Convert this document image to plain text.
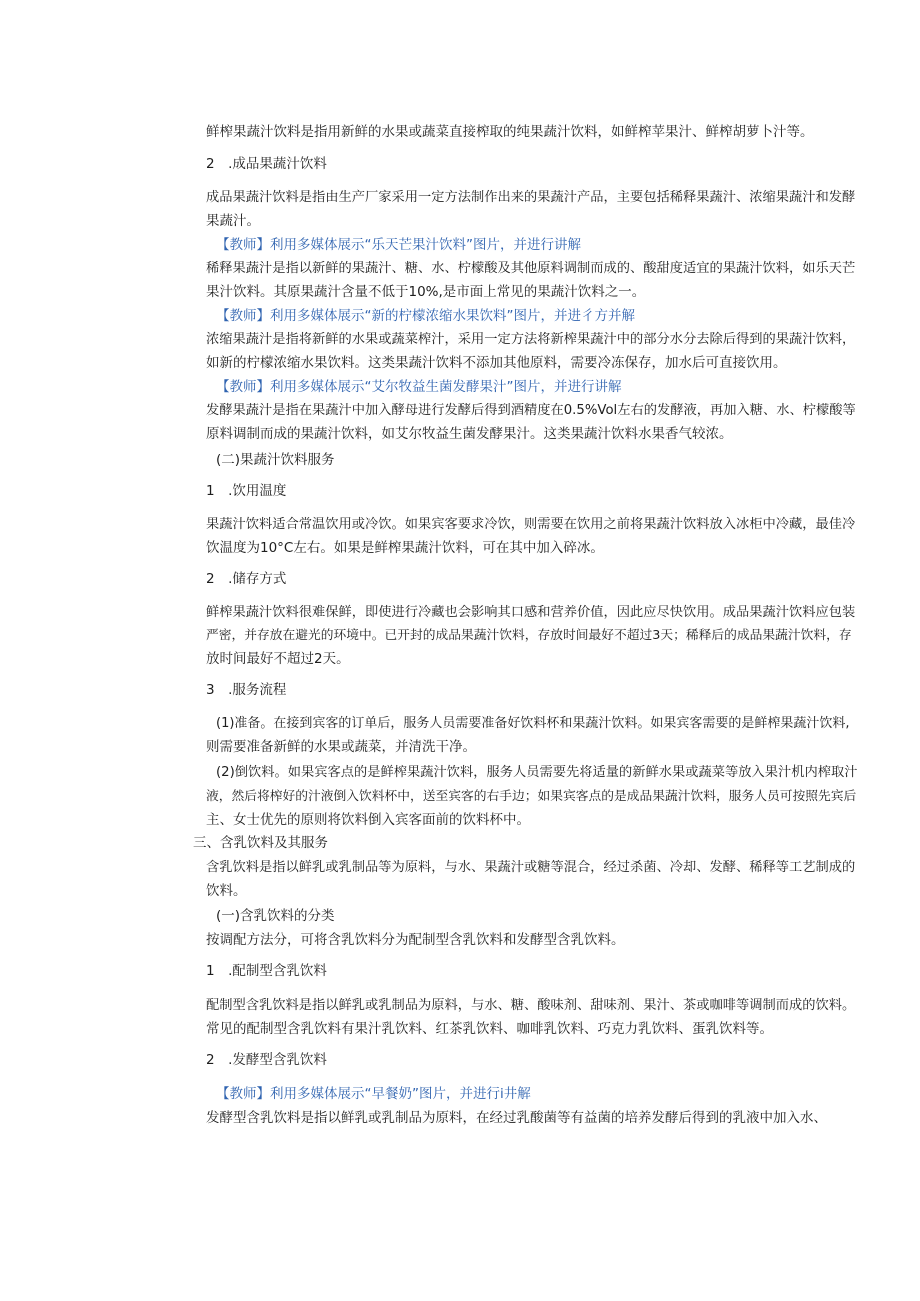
鲜榨果蔬汁饮料是指用新鲜的水果或蔬菜直接榨取的纯果蔬汁饮料，如鲜榨苹果汁、鲜榨胡萝卜汁等。
2　.成品果蔬汁饮料
成品果蔬汁饮料是指由生产厂家采用一定方法制作出来的果蔬汁产品，主要包括稀释果蔬汁、浓缩果蔬汁和发酵
果蔬汁。
【教师】利用多媒体展示“乐天芒果汁饮料”图片，并进行讲解
稀释果蔬汁是指以新鲜的果蔬汁、糖、水、柠檬酸及其他原料调制而成的、酸甜度适宜的果蔬汁饮料，如乐天芒
果汁饮料。其原果蔬汁含量不低于10%,是市面上常见的果蔬汁饮料之一。
【教师】利用多媒体展示“新的柠檬浓缩水果饮料”图片，并进彳方并解
浓缩果蔬汁是指将新鲜的水果或蔬菜榨汁，采用一定方法将新榨果蔬汁中的部分水分去除后得到的果蔬汁饮料，
如新的柠檬浓缩水果饮料。这类果蔬汁饮料不添加其他原料，需要冷冻保存，加水后可直接饮用。
【教师】利用多媒体展示“艾尔牧益生菌发酵果汁”图片，并进行讲解
发酵果蔬汁是指在果蔬汁中加入酵母进行发酵后得到酒精度在0.5%Vol左右的发酵液，再加入糖、水、柠檬酸等
原料调制而成的果蔬汁饮料，如艾尔牧益生菌发酵果汁。这类果蔬汁饮料水果香气较浓。
(二)果蔬汁饮料服务
1　.饮用温度
果蔬汁饮料适合常温饮用或冷饮。如果宾客要求冷饮，则需要在饮用之前将果蔬汁饮料放入冰柜中冷藏，最佳冷
饮温度为10°C左右。如果是鲜榨果蔬汁饮料，可在其中加入碎冰。
2　.储存方式
鲜榨果蔬汁饮料很难保鲜，即使进行冷藏也会影响其口感和营养价值，因此应尽快饮用。成品果蔬汁饮料应包装
严密，并存放在避光的环境中。已开封的成品果蔬汁饮料，存放时间最好不超过3天；稀释后的成品果蔬汁饮料，存
放时间最好不超过2天。
3　.服务流程
(1)准备。在接到宾客的订单后，服务人员需要准备好饮料杯和果蔬汁饮料。如果宾客需要的是鲜榨果蔬汁饮料,
则需要准备新鲜的水果或蔬菜，并清洗干净。
(2)倒饮料。如果宾客点的是鲜榨果蔬汁饮料，服务人员需要先将适量的新鲜水果或蔬菜等放入果汁机内榨取汁
液，然后将榨好的汁液倒入饮料杯中，送至宾客的右手边；如果宾客点的是成品果蔬汁饮料，服务人员可按照先宾后
主、女士优先的原则将饮料倒入宾客面前的饮料杯中。
三、含乳饮料及其服务
含乳饮料是指以鲜乳或乳制品等为原料，与水、果蔬汁或糖等混合，经过杀菌、冷却、发酵、稀释等工艺制成的
饮料。
(一)含乳饮料的分类
按调配方法分，可将含乳饮料分为配制型含乳饮料和发酵型含乳饮料。
1　.配制型含乳饮料
配制型含乳饮料是指以鲜乳或乳制品为原料，与水、糖、酸味剂、甜味剂、果汁、茶或咖啡等调制而成的饮料。
常见的配制型含乳饮料有果汁乳饮料、红茶乳饮料、咖啡乳饮料、巧克力乳饮料、蛋乳饮料等。
2　.发酵型含乳饮料
【教师】利用多媒体展示“早餐奶”图片，并进行i井解
发酵型含乳饮料是指以鲜乳或乳制品为原料，在经过乳酸菌等有益菌的培养发酵后得到的乳液中加入水、
